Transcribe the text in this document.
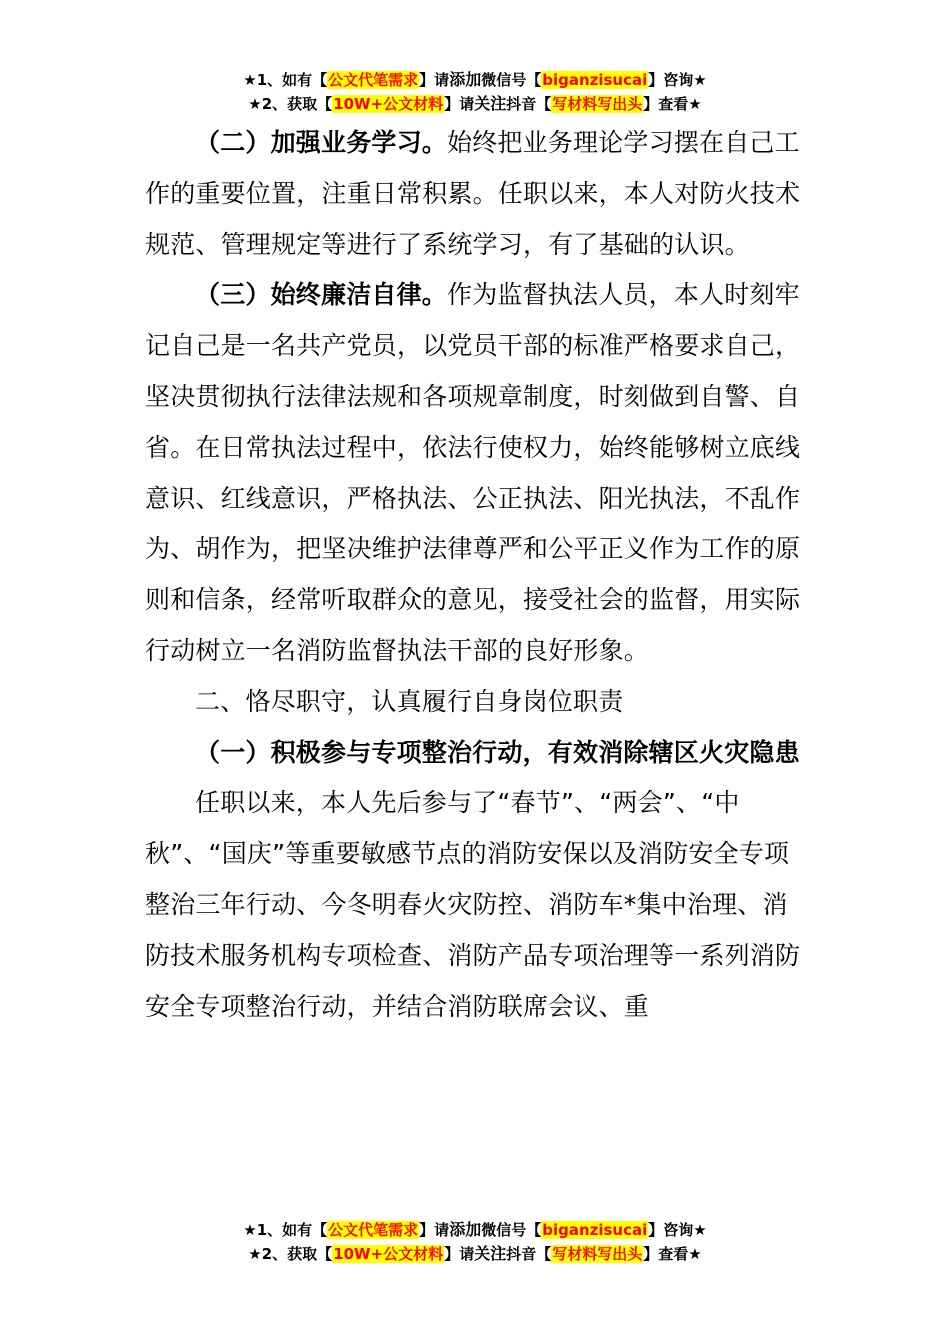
★1、如有【公文代笔需求】请添加微信号【biganzisucai】咨询★
★2、获取【10W+公文材料】请关注抖音【写材料写出头】查看★

（二）加强业务学习。始终把业务理论学习摆在自己工作的重要位置，注重日常积累。任职以来，本人对防火技术规范、管理规定等进行了系统学习，有了基础的认识。

（三）始终廉洁自律。作为监督执法人员，本人时刻牢记自己是一名共产党员，以党员干部的标准严格要求自己，坚决贯彻执行法律法规和各项规章制度，时刻做到自警、自省。在日常执法过程中，依法行使权力，始终能够树立底线意识、红线意识，严格执法、公正执法、阳光执法，不乱作为、胡作为，把坚决维护法律尊严和公平正义作为工作的原则和信条，经常听取群众的意见，接受社会的监督，用实际行动树立一名消防监督执法干部的良好形象。

二、恪尽职守，认真履行自身岗位职责

（一）积极参与专项整治行动，有效消除辖区火灾隐患

任职以来，本人先后参与了“春节”、“两会”、“中秋”、“国庆”等重要敏感节点的消防安保以及消防安全专项整治三年行动、今冬明春火灾防控、消防车*集中治理、消防技术服务机构专项检查、消防产品专项治理等一系列消防安全专项整治行动，并结合消防联席会议、重

★1、如有【公文代笔需求】请添加微信号【biganzisucai】咨询★
★2、获取【10W+公文材料】请关注抖音【写材料写出头】查看★
